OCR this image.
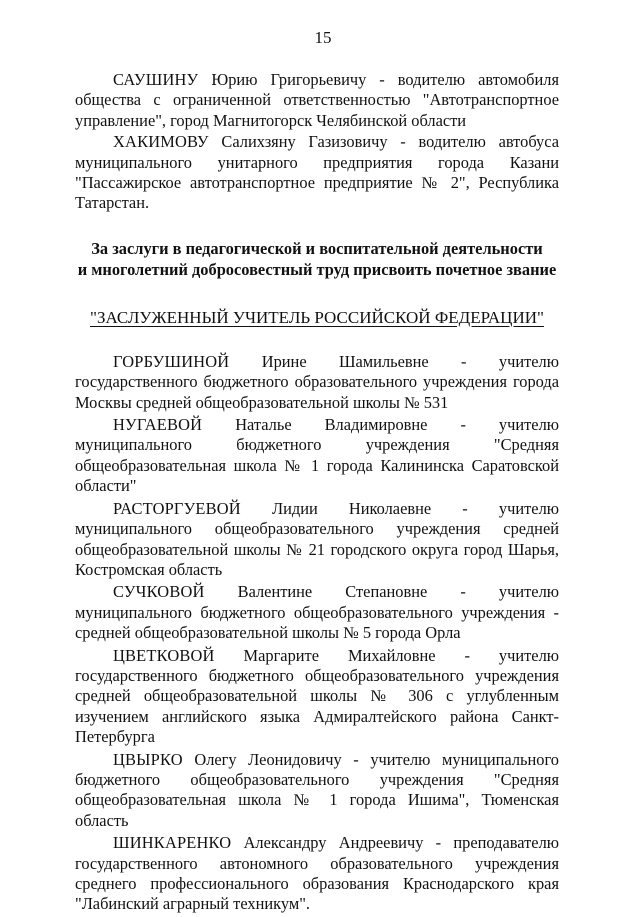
15

САУШИНУ Юрию Григорьевичу - водителю автомобиля общества с ограниченной ответственностью "Автотранспортное управление", город Магнитогорск Челябинской области

ХАКИМОВУ Салихзяну Газизовичу - водителю автобуса муниципального унитарного предприятия города Казани "Пассажирское автотранспортное предприятие № 2", Республика Татарстан.

За заслуги в педагогической и воспитательной деятельности
и многолетний добросовестный труд присвоить почетное звание
"ЗАСЛУЖЕННЫЙ УЧИТЕЛЬ РОССИЙСКОЙ ФЕДЕРАЦИИ"

ГОРБУШИНОЙ Ирине Шамильевне - учителю государственного бюджетного образовательного учреждения города Москвы средней общеобразовательной школы № 531

НУГАЕВОЙ Наталье Владимировне - учителю муниципального бюджетного учреждения "Средняя общеобразовательная школа № 1 города Калининска Саратовской области"

РАСТОРГУЕВОЙ Лидии Николаевне - учителю муниципального общеобразовательного учреждения средней общеобразовательной школы № 21 городского округа город Шарья, Костромская область

СУЧКОВОЙ Валентине Степановне - учителю муниципального бюджетного общеобразовательного учреждения - средней общеобразовательной школы № 5 города Орла

ЦВЕТКОВОЙ Маргарите Михайловне - учителю государственного бюджетного общеобразовательного учреждения средней общеобразовательной школы № 306 с углубленным изучением английского языка Адмиралтейского района Санкт-Петербурга

ЦВЫРКО Олегу Леонидовичу - учителю муниципального бюджетного общеобразовательного учреждения "Средняя общеобразовательная школа № 1 города Ишима", Тюменская область

ШИНКАРЕНКО Александру Андреевичу - преподавателю государственного автономного образовательного учреждения среднего профессионального образования Краснодарского края "Лабинский аграрный техникум".
